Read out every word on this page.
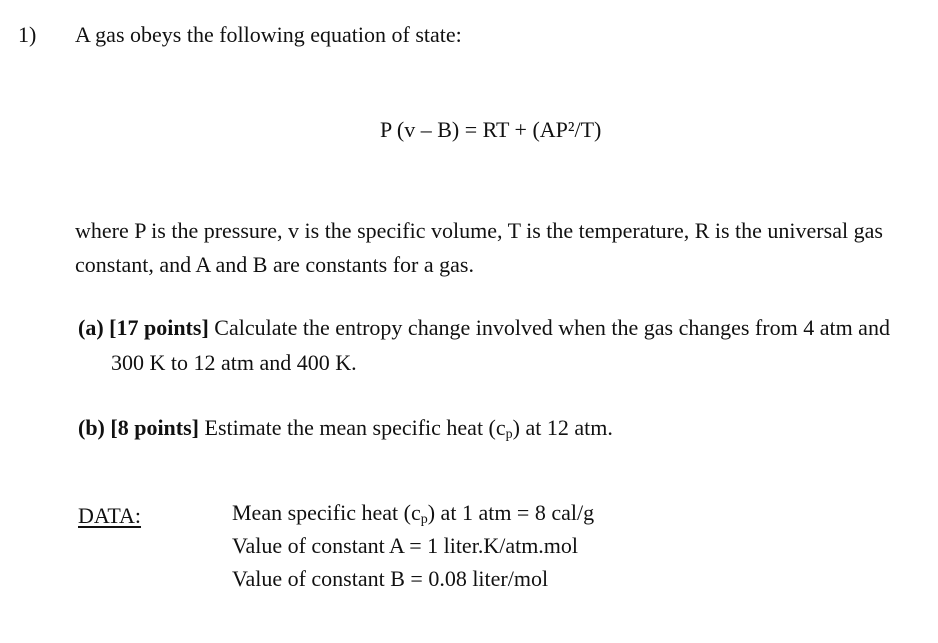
1) A gas obeys the following equation of state:
P (v – B) = RT + (AP²/T)
where P is the pressure, v is the specific volume, T is the temperature, R is the universal gas
constant, and A and B are constants for a gas.
(a) [17 points] Calculate the entropy change involved when the gas changes from 4 atm and
300 K to 12 atm and 400 K.
(b) [8 points] Estimate the mean specific heat $(c_p)$ at 12 atm.
DATA:	Mean specific heat $(c_p)$ at 1 atm = 8 cal/g
Value of constant A = 1 liter.K/atm.mol
Value of constant B = 0.08 liter/mol
